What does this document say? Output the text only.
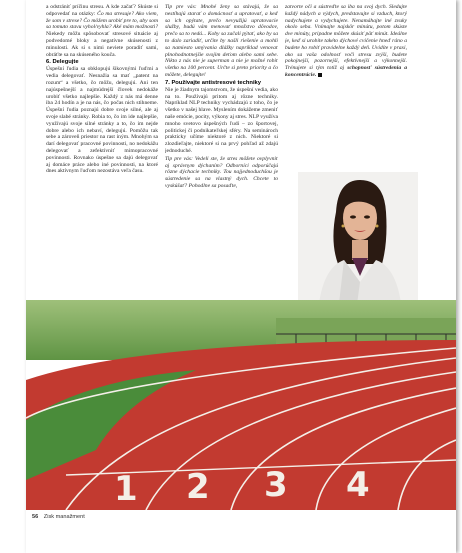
a odstrániť príčinu stresu. A kde začať? Skúste si odpovedať na otázky: Čo ma stresuje? Ako viem, že som v strese? Čo môžem urobiť pre to, aby som sa tomuto stavu vyhol/vyhla? Aké mám možnosti? Niekedy môžu spôsobovať stresové situácie aj podvedomé bloky a negatívne skúsenosti z minulosti. Ak si s nimi neviete poradiť sami, obráťte sa na skúseného kouča.

6. Delegujte

Úspešní ľudia sa obklopujú šikovnými ľuďmi a vedia delegovať. Nesnažia sa mať „patent na rozum“ a všetko, čo môžu, delegujú. Ani ten najúspešnejší a najmúdrejší človek nedokáže urobiť všetko najlepšie. Každý z nás má denne iba 24 hodín a je na nás, čo počas nich stihneme. Úspešní ľudia poznajú dobre svoje silné, ale aj svoje slabé stránky. Robia to, čo im ide najlepšie, využívajú svoje silné stránky a to, čo im nejde dobre alebo ich nebaví, delegujú. Pomôžu tak sebe a zároveň priestor na rast iným. Mnohým sa darí delegovať pracovné povinnosti, no nedokážu delegovať a zefektívniť mimopracovné povinnosti. Rovnako úspešne sa dajú delegovať aj domáce práce alebo iné povinnosti, na ktoré dnes aktívnym ľuďom nezostáva veľa času.

Tip pre vás: Mnohé ženy sa stávajú, že sa nestíhajú starať o domácnosť a upratovať, a keď sa ich opýtate, prečo nevyužijú upratovacie služby, budú vám menovať množstvo dôvodov, prečo sa to nedá... Koby sa začali pýtať, ako by sa to dalo zariadiť, určite by našli riešenie a mohli sa namiesto umývania dlážky napríklad venovať plnohodnotnejšie svojim deťom alebo sami sebe. Nikto z nás nie je superman a nie je možné robiť všetko na 100 percent. Určte si preto priority a čo môžete, delegujte!

7. Používajte antistresové techniky

Nie je žiadnym tajomstvom, že úspešní vedia, ako na to. Používajú pritom aj rôzne techniky. Napríklad NLP techniky vychádzajú z toho, čo je všetko v našej hlave. Myslením dokážeme zmeniť naše emócie, pocity, výkony aj stres. NLP využíva mnoho svetovo úspešných ľudí – zo športovej, politickej či podnikateľskej sféry. Na seminároch prakticky učíme niektoré z nich. Niektoré si zlozdieľajte, niektoré si na prvý pohľad až zdajú jednoduché.

Tip pre vás: Vedeli ste, že stres môžete ovplyvniť aj správnym dýchaním? Odborníci odporúčajú rôzne dýchacie techniky. Tou najjednoduchšou je sústredenie sa na vlastný dych. Chcete to vyskúšať? Pohodlne sa posaďte,

zatvorte oči a sústreďte sa iba na svoj dych. Sledujte každý nádych a výdych, predstavujte si vzduch, ktorý nadychujete a vydychujete. Nenamáhajte iné zvuky okolo seba. Vnímajte najskôr minútu, potom skúste dve minúty, pripadne môžete skúsiť päť minút. Ideálne je, keď si urobíte takéto dýchové cvičenie hneď ráno a budete ho robiť pravidelne každý deň. Uvidíte v praxi, ako sa vaša odolnosť voči stresu zvýši, budete pokojnejší, pozornejší, efektívnejší a výkonnejší. Trénujete si tým totiž aj schopnosť sústredenia a koncentrácie.

1 2 3 4
56 Zisk manažment
